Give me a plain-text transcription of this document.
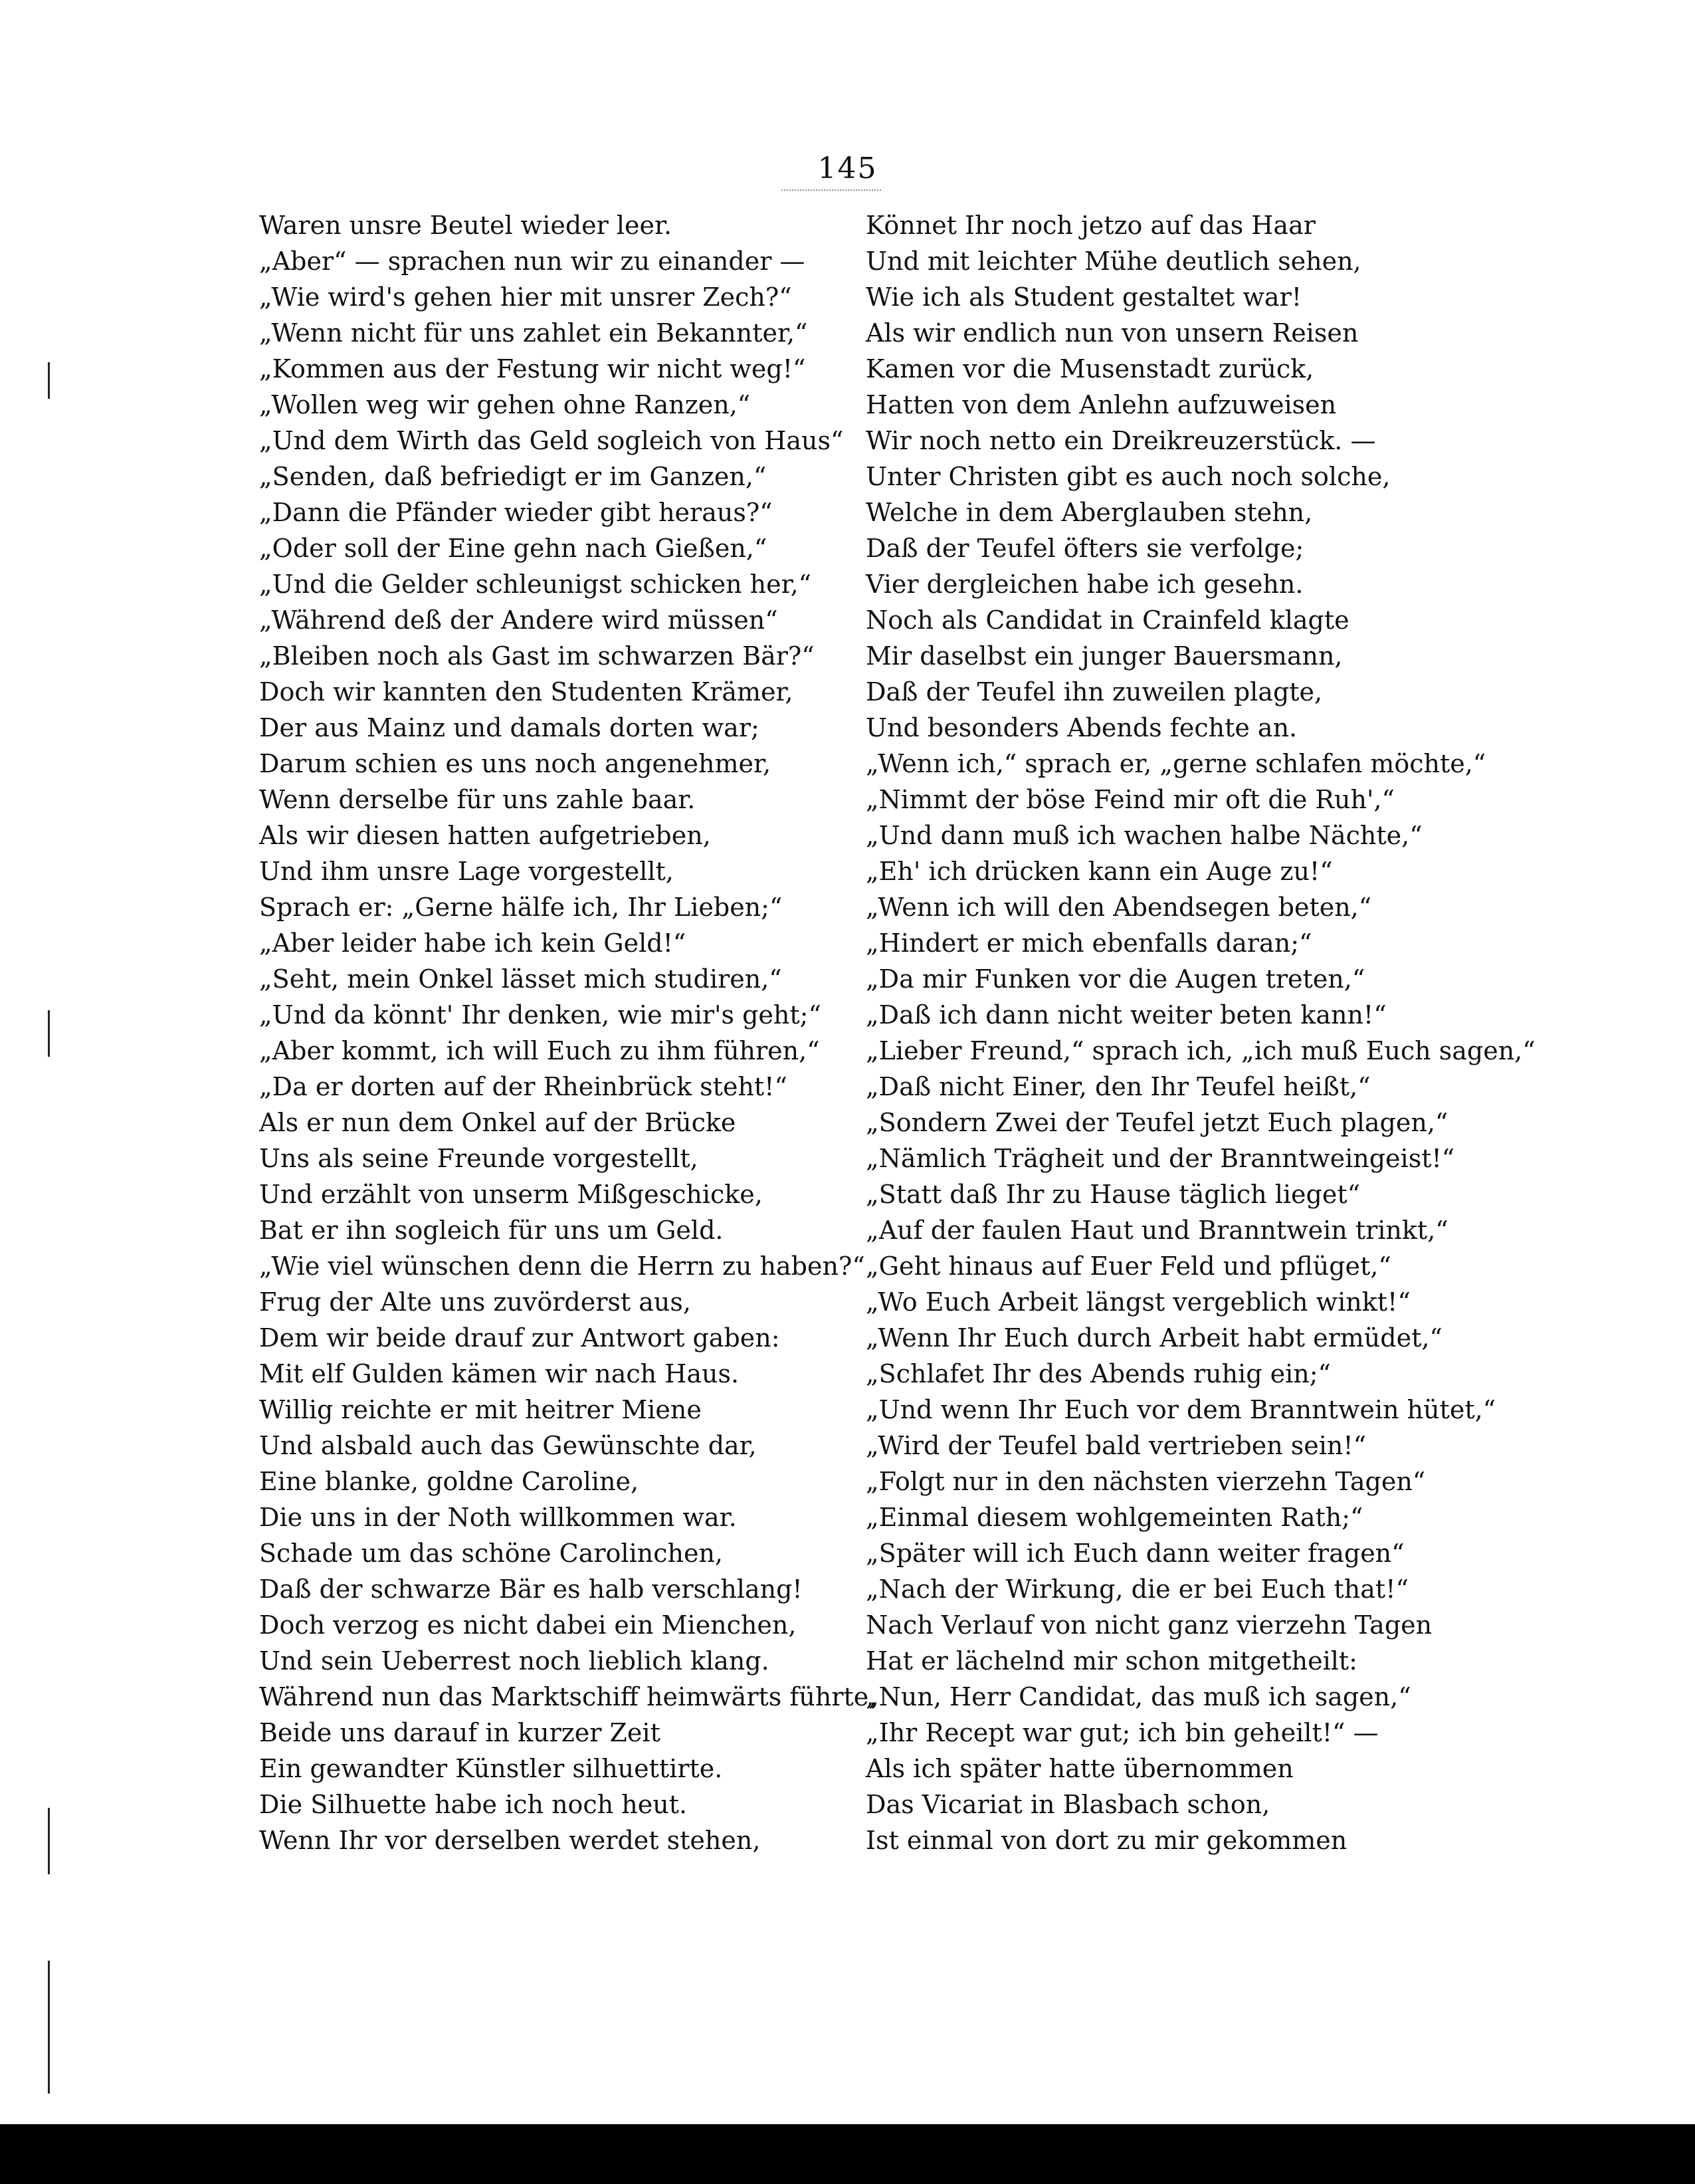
145
Waren unsre Beutel wieder leer.
„Aber“ — sprachen nun wir zu einander —
„Wie wird's gehen hier mit unsrer Zech?“
„Wenn nicht für uns zahlet ein Bekannter,“
„Kommen aus der Festung wir nicht weg!“
„Wollen weg wir gehen ohne Ranzen,“
„Und dem Wirth das Geld sogleich von Haus“
„Senden, daß befriedigt er im Ganzen,“
„Dann die Pfänder wieder gibt heraus?“
„Oder soll der Eine gehn nach Gießen,“
„Und die Gelder schleunigst schicken her,“
„Während deß der Andere wird müssen“
„Bleiben noch als Gast im schwarzen Bär?“
Doch wir kannten den Studenten Krämer,
Der aus Mainz und damals dorten war;
Darum schien es uns noch angenehmer,
Wenn derselbe für uns zahle baar.
Als wir diesen hatten aufgetrieben,
Und ihm unsre Lage vorgestellt,
Sprach er: „Gerne hälfe ich, Ihr Lieben;“
„Aber leider habe ich kein Geld!“
„Seht, mein Onkel lässet mich studiren,“
„Und da könnt' Ihr denken, wie mir's geht;“
„Aber kommt, ich will Euch zu ihm führen,“
„Da er dorten auf der Rheinbrück steht!“
Als er nun dem Onkel auf der Brücke
Uns als seine Freunde vorgestellt,
Und erzählt von unserm Mißgeschicke,
Bat er ihn sogleich für uns um Geld.
„Wie viel wünschen denn die Herrn zu haben?“
Frug der Alte uns zuvörderst aus,
Dem wir beide drauf zur Antwort gaben:
Mit elf Gulden kämen wir nach Haus.
Willig reichte er mit heitrer Miene
Und alsbald auch das Gewünschte dar,
Eine blanke, goldne Caroline,
Die uns in der Noth willkommen war.
Schade um das schöne Carolinchen,
Daß der schwarze Bär es halb verschlang!
Doch verzog es nicht dabei ein Mienchen,
Und sein Ueberrest noch lieblich klang.
Während nun das Marktschiff heimwärts führte,
Beide uns darauf in kurzer Zeit
Ein gewandter Künstler silhuettirte.
Die Silhuette habe ich noch heut.
Wenn Ihr vor derselben werdet stehen,
Könnet Ihr noch jetzo auf das Haar
Und mit leichter Mühe deutlich sehen,
Wie ich als Student gestaltet war!
Als wir endlich nun von unsern Reisen
Kamen vor die Musenstadt zurück,
Hatten von dem Anlehn aufzuweisen
Wir noch netto ein Dreikreuzerstück. —
Unter Christen gibt es auch noch solche,
Welche in dem Aberglauben stehn,
Daß der Teufel öfters sie verfolge;
Vier dergleichen habe ich gesehn.
Noch als Candidat in Crainfeld klagte
Mir daselbst ein junger Bauersmann,
Daß der Teufel ihn zuweilen plagte,
Und besonders Abends fechte an.
„Wenn ich,“ sprach er, „gerne schlafen möchte,“
„Nimmt der böse Feind mir oft die Ruh',“
„Und dann muß ich wachen halbe Nächte,“
„Eh' ich drücken kann ein Auge zu!“
„Wenn ich will den Abendsegen beten,“
„Hindert er mich ebenfalls daran;“
„Da mir Funken vor die Augen treten,“
„Daß ich dann nicht weiter beten kann!“
„Lieber Freund,“ sprach ich, „ich muß Euch sagen,“
„Daß nicht Einer, den Ihr Teufel heißt,“
„Sondern Zwei der Teufel jetzt Euch plagen,“
„Nämlich Trägheit und der Branntweingeist!“
„Statt daß Ihr zu Hause täglich lieget“
„Auf der faulen Haut und Branntwein trinkt,“
„Geht hinaus auf Euer Feld und pflüget,“
„Wo Euch Arbeit längst vergeblich winkt!“
„Wenn Ihr Euch durch Arbeit habt ermüdet,“
„Schlafet Ihr des Abends ruhig ein;“
„Und wenn Ihr Euch vor dem Branntwein hütet,“
„Wird der Teufel bald vertrieben sein!“
„Folgt nur in den nächsten vierzehn Tagen“
„Einmal diesem wohlgemeinten Rath;“
„Später will ich Euch dann weiter fragen“
„Nach der Wirkung, die er bei Euch that!“
Nach Verlauf von nicht ganz vierzehn Tagen
Hat er lächelnd mir schon mitgetheilt:
„Nun, Herr Candidat, das muß ich sagen,“
„Ihr Recept war gut; ich bin geheilt!“ —
Als ich später hatte übernommen
Das Vicariat in Blasbach schon,
Ist einmal von dort zu mir gekommen
